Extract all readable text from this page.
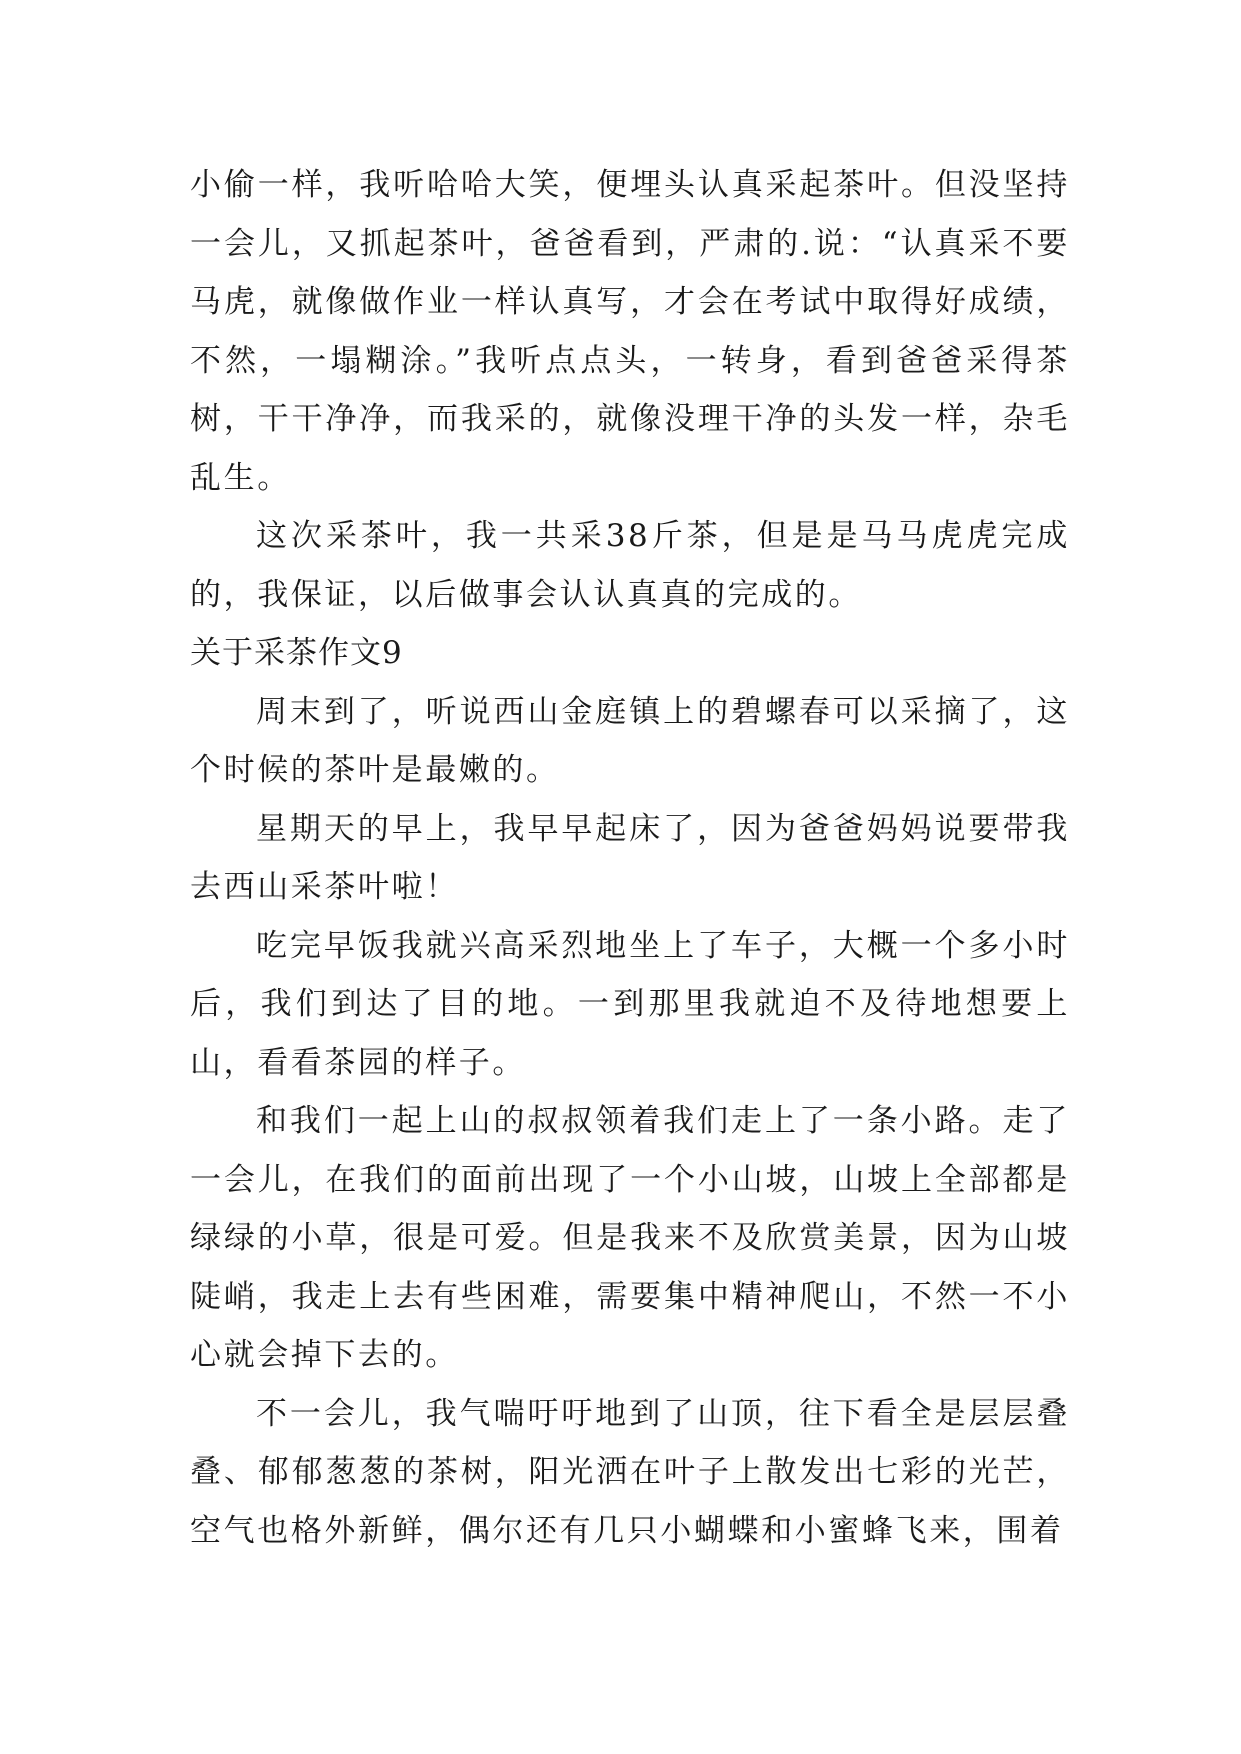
小偷一样，我听哈哈大笑，便埋头认真采起茶叶。但没坚持一会儿，又抓起茶叶，爸爸看到，严肃的.说：“认真采不要马虎，就像做作业一样认真写，才会在考试中取得好成绩，不然，一塌糊涂。”我听点点头，一转身，看到爸爸采得茶树，干干净净，而我采的，就像没理干净的头发一样，杂毛乱生。

这次采茶叶，我一共采38斤茶，但是是马马虎虎完成的，我保证，以后做事会认认真真的完成的。

关于采茶作文9

周末到了，听说西山金庭镇上的碧螺春可以采摘了，这个时候的茶叶是最嫩的。

星期天的早上，我早早起床了，因为爸爸妈妈说要带我去西山采茶叶啦！

吃完早饭我就兴高采烈地坐上了车子，大概一个多小时后，我们到达了目的地。一到那里我就迫不及待地想要上山，看看茶园的样子。

和我们一起上山的叔叔领着我们走上了一条小路。走了一会儿，在我们的面前出现了一个小山坡，山坡上全部都是绿绿的小草，很是可爱。但是我来不及欣赏美景，因为山坡陡峭，我走上去有些困难，需要集中精神爬山，不然一不小心就会掉下去的。

不一会儿，我气喘吁吁地到了山顶，往下看全是层层叠叠、郁郁葱葱的茶树，阳光洒在叶子上散发出七彩的光芒，空气也格外新鲜，偶尔还有几只小蝴蝶和小蜜蜂飞来，围着
